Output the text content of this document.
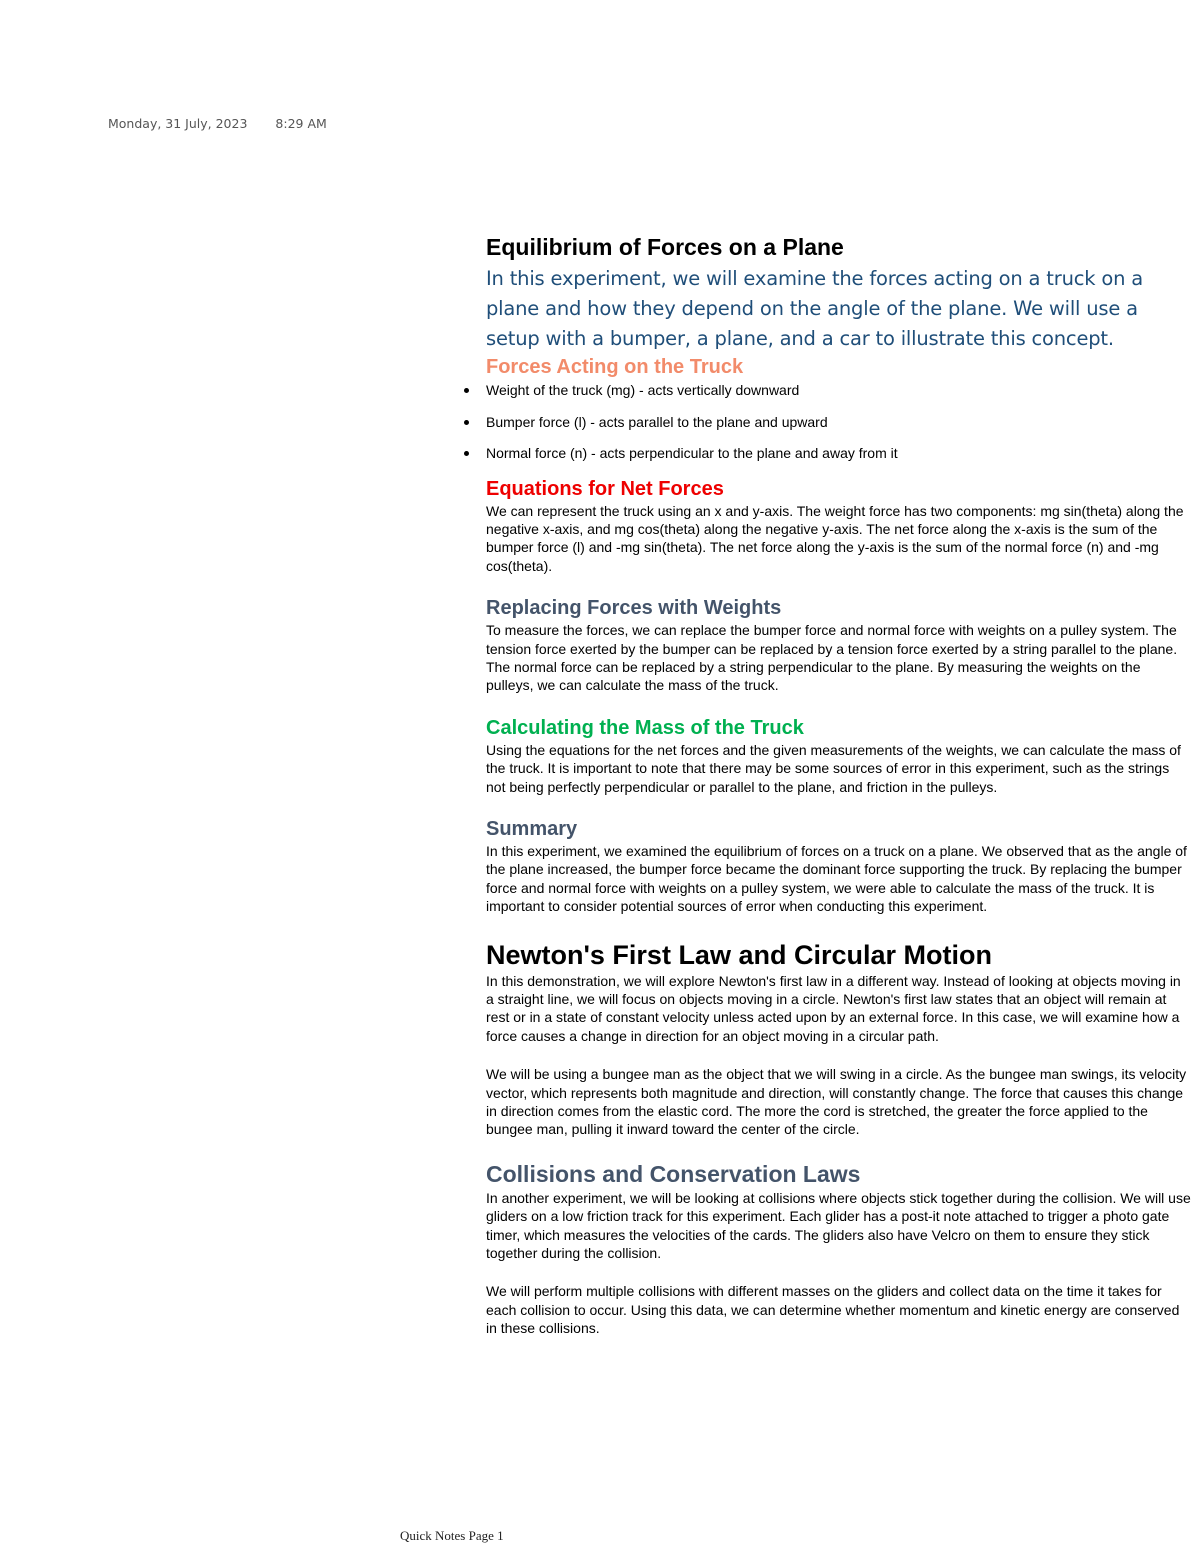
Monday, 31 July, 2023 8:29 AM
Equilibrium of Forces on a Plane

In this experiment, we will examine the forces acting on a truck on a plane and how they depend on the angle of the plane. We will use a setup with a bumper, a plane, and a car to illustrate this concept.

Forces Acting on the Truck
Weight of the truck (mg) - acts vertically downward
Bumper force (l) - acts parallel to the plane and upward
Normal force (n) - acts perpendicular to the plane and away from it
Equations for Net Forces

We can represent the truck using an x and y-axis. The weight force has two components: mg sin(theta) along the negative x-axis, and mg cos(theta) along the negative y-axis. The net force along the x-axis is the sum of the bumper force (l) and -mg sin(theta). The net force along the y-axis is the sum of the normal force (n) and -mg cos(theta).

Replacing Forces with Weights

To measure the forces, we can replace the bumper force and normal force with weights on a pulley system. The tension force exerted by the bumper can be replaced by a tension force exerted by a string parallel to the plane. The normal force can be replaced by a string perpendicular to the plane. By measuring the weights on the pulleys, we can calculate the mass of the truck.

Calculating the Mass of the Truck

Using the equations for the net forces and the given measurements of the weights, we can calculate the mass of the truck. It is important to note that there may be some sources of error in this experiment, such as the strings not being perfectly perpendicular or parallel to the plane, and friction in the pulleys.

Summary

In this experiment, we examined the equilibrium of forces on a truck on a plane. We observed that as the angle of the plane increased, the bumper force became the dominant force supporting the truck. By replacing the bumper force and normal force with weights on a pulley system, we were able to calculate the mass of the truck. It is important to consider potential sources of error when conducting this experiment.

Newton's First Law and Circular Motion

In this demonstration, we will explore Newton's first law in a different way. Instead of looking at objects moving in a straight line, we will focus on objects moving in a circle. Newton's first law states that an object will remain at rest or in a state of constant velocity unless acted upon by an external force. In this case, we will examine how a force causes a change in direction for an object moving in a circular path.

We will be using a bungee man as the object that we will swing in a circle. As the bungee man swings, its velocity vector, which represents both magnitude and direction, will constantly change. The force that causes this change in direction comes from the elastic cord. The more the cord is stretched, the greater the force applied to the bungee man, pulling it inward toward the center of the circle.

Collisions and Conservation Laws

In another experiment, we will be looking at collisions where objects stick together during the collision. We will use gliders on a low friction track for this experiment. Each glider has a post-it note attached to trigger a photo gate timer, which measures the velocities of the cards. The gliders also have Velcro on them to ensure they stick together during the collision.

We will perform multiple collisions with different masses on the gliders and collect data on the time it takes for each collision to occur. Using this data, we can determine whether momentum and kinetic energy are conserved in these collisions.

Quick Notes Page 1
